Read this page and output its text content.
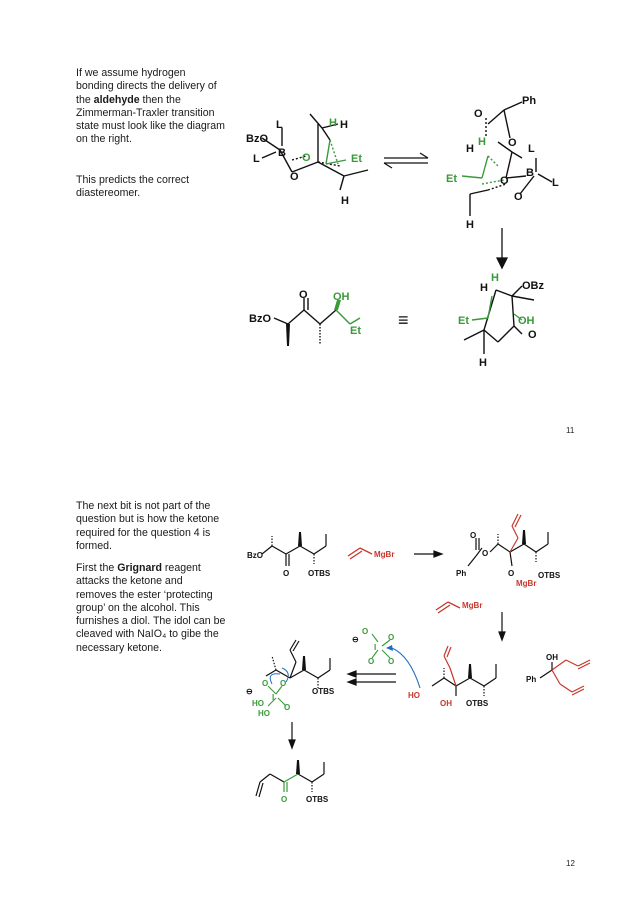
If we assume hydrogen bonding directs the delivery of the aldehyde then the Zimmerman-Traxler transition state must look like the diagram on the right.

This predicts the correct diastereomer.

BzO
L
L B
O
O
H H
Et
H
O
Ph
O
H
H	L
B
L
O
O
Et
H
BzO
O OH
Et
≡
H
H	OBz
Et	OH
O
H
11

The next bit is not part of the question but is how the ketone required for the question 4 is formed.

First the Grignard reagent attacks the ketone and removes the ester ‘protecting group’ on the alcohol. This furnishes a diol. The idol can be cleaved with NaIO₄ to gibe the necessary ketone.

BzO
O OTBS
MgBr
O
O
Ph	O
MgBr
OTBS
MgBr
OH
Ph
HO
OH OTBS
O
I
O
O O
⊖
O O
I
HO
HO
O
⊖	OTBS
O OTBS
12
